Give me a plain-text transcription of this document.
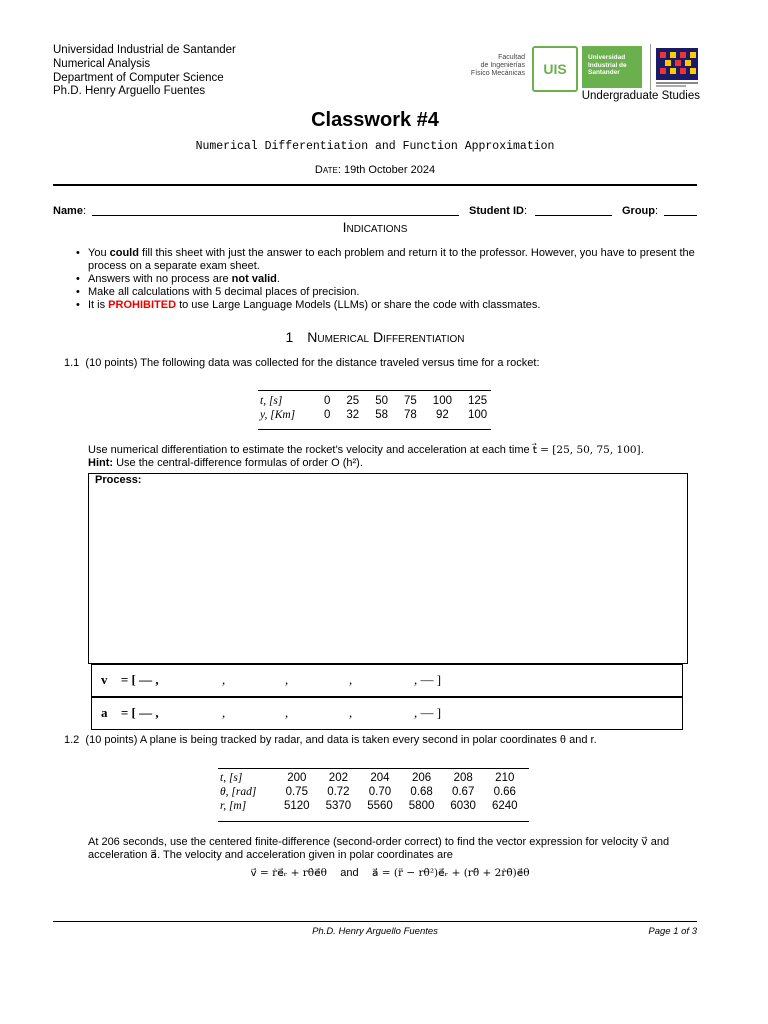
Universidad Industrial de Santander
Numerical Analysis
Department of Computer Science
Ph.D. Henry Arguello Fuentes
Facultad
de Ingenierías
Físico Mecánicas UIS
Universidad
Industrial de
Santander
Undergraduate Studies
Classwork #4
Numerical Differentiation and Function Approximation
Date: 19th October 2024
Name:	Student ID:	Group:
Indications
• You could fill this sheet with just the answer to each problem and return it to the professor. However, you have to present the process on a separate exam sheet.
• Answers with no process are not valid.
• Make all calculations with 5 decimal places of precision.
• It is PROHIBITED to use Large Language Models (LLMs) or share the code with classmates.
1 Numerical Differentiation
1.1 (10 points) The following data was collected for the distance traveled versus time for a rocket:
t, [s]	0	25	50	75	100	125
y, [Km]	0	32	58	78	92	100
Use numerical differentiation to estimate the rocket’s velocity and acceleration at each time t⃗ = [25, 50, 75, 100].
Hint: Use the central-difference formulas of order O (h²).
Process:
v⃗ = [ — ,	,	,	,	, — ]
a⃗ = [ — ,	,	,	,	, — ]
1.2 (10 points) A plane is being tracked by radar, and data is taken every second in polar coordinates θ and r.
t, [s]	200	202	204	206	208	210
θ, [rad]	0.75	0.72	0.70	0.68	0.67	0.66
r, [m]	5120	5370	5560	5800	6030	6240
At 206 seconds, use the centered finite-difference (second-order correct) to find the vector expression for velocity v⃗ and acceleration a⃗. The velocity and acceleration given in polar coordinates are
v⃗ = ṙe⃗ᵣ + rθ̇e⃗θ and a⃗ = (r̈ − rθ̇²)e⃗ᵣ + (rθ̈ + 2ṙθ̇)e⃗θ
Ph.D. Henry Arguello Fuentes	Page 1 of 3
